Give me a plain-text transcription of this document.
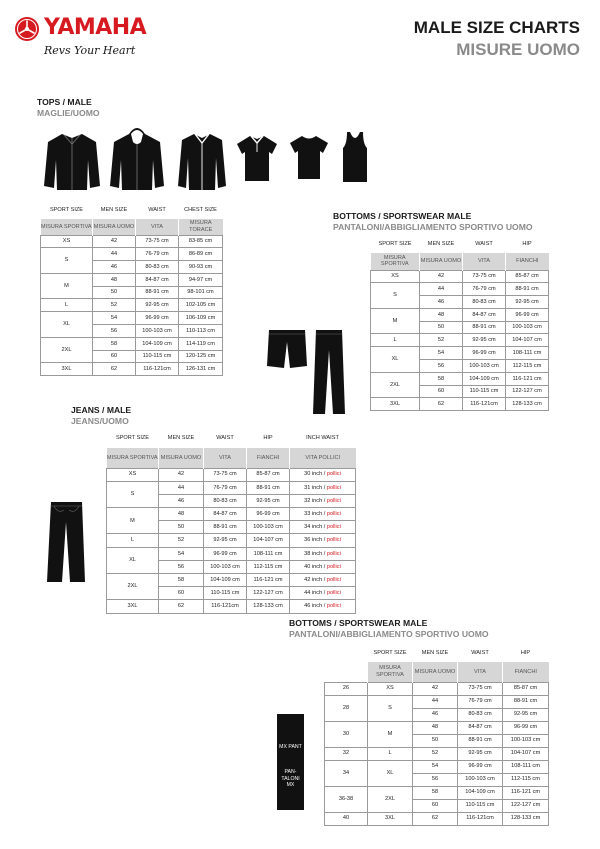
YAMAHA
Revs Your Heart
MALE SIZE CHARTS
MISURE UOMO
TOPS / MALE
MAGLIE/UOMO
SPORT SIZE	MEN SIZE	WAIST	CHEST SIZE
MISURA SPORTIVA	MISURA UOMO	VITA	MISURA TORACE
XS	42	73-75 cm	83-85 cm
S	44	76-79 cm	86-89 cm
	46	80-83 cm	90-93 cm
M	48	84-87 cm	94-97 cm
	50	88-91 cm	98-101 cm
L	52	92-95 cm	102-105 cm
XL	54	96-99 cm	106-109 cm
	56	100-103 cm	110-113 cm
2XL	58	104-109 cm	114-119 cm
	60	110-115 cm	120-125 cm
3XL	62	116-121cm	126-131 cm
BOTTOMS / SPORTSWEAR MALE
PANTALONI/ABBIGLIAMENTO SPORTIVO UOMO
SPORT SIZE	MEN SIZE	WAIST	HIP
MISURA SPORTIVA	MISURA UOMO	VITA	FIANCHI
XS	42	73-75 cm	85-87 cm
S	44	76-79 cm	88-91 cm
	46	80-83 cm	92-95 cm
M	48	84-87 cm	96-99 cm
	50	88-91 cm	100-103 cm
L	52	92-95 cm	104-107 cm
XL	54	96-99 cm	108-111 cm
	56	100-103 cm	112-115 cm
2XL	58	104-109 cm	116-121 cm
	60	110-115 cm	122-127 cm
3XL	62	116-121cm	128-133 cm
JEANS / MALE
JEANS/UOMO
SPORT SIZE	MEN SIZE	WAIST	HIP	INCH WAIST
MISURA SPORTIVA	MISURA UOMO	VITA	FIANCHI	VITA POLLICI
XS	42	73-75 cm	85-87 cm	30 inch / pollici
S	44	76-79 cm	88-91 cm	31 inch / pollici
	46	80-83 cm	92-95 cm	32 inch / pollici
M	48	84-87 cm	96-99 cm	33 inch / pollici
	50	88-91 cm	100-103 cm	34 inch / pollici
L	52	92-95 cm	104-107 cm	36 inch / pollici
XL	54	96-99 cm	108-111 cm	38 inch / pollici
	56	100-103 cm	112-115 cm	40 inch / pollici
2XL	58	104-109 cm	116-121 cm	42 inch / pollici
	60	110-115 cm	122-127 cm	44 inch / pollici
3XL	62	116-121cm	128-133 cm	46 inch / pollici
BOTTOMS / SPORTSWEAR MALE
PANTALONI/ABBIGLIAMENTO SPORTIVO UOMO
MX PANT
PAN-TALONI MX
	SPORT SIZE	MEN SIZE	WAIST	HIP
	MISURA SPORTIVA	MISURA UOMO	VITA	FIANCHI
26	XS	42	73-75 cm	85-87 cm
28	S	44	76-79 cm	88-91 cm
		46	80-83 cm	92-95 cm
30	M	48	84-87 cm	96-99 cm
		50	88-91 cm	100-103 cm
32	L	52	92-95 cm	104-107 cm
34	XL	54	96-99 cm	108-111 cm
		56	100-103 cm	112-115 cm
36-38	2XL	58	104-109 cm	116-121 cm
		60	110-115 cm	122-127 cm
40	3XL	62	116-121cm	128-133 cm
